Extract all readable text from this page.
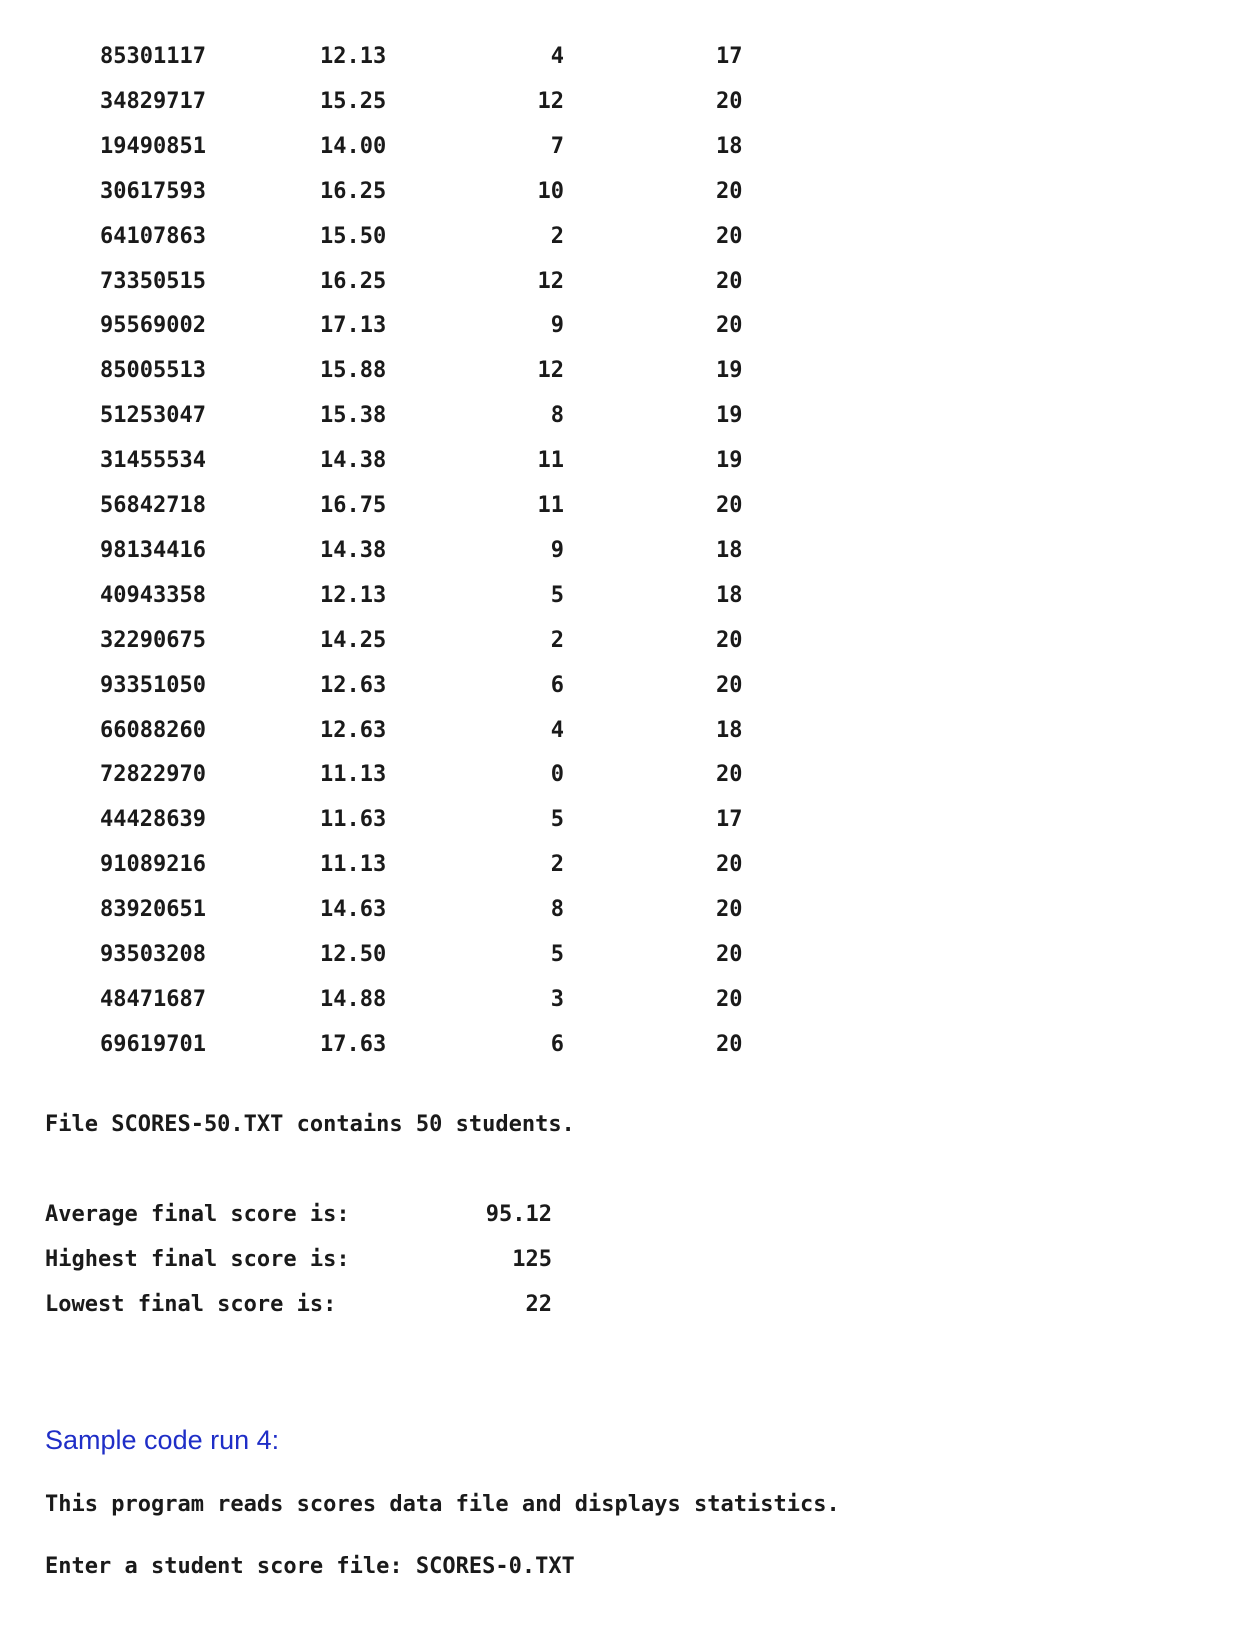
85301117	12.13	4	17
34829717	15.25	12	20
19490851	14.00	7	18
30617593	16.25	10	20
64107863	15.50	2	20
73350515	16.25	12	20
95569002	17.13	9	20
85005513	15.88	12	19
51253047	15.38	8	19
31455534	14.38	11	19
56842718	16.75	11	20
98134416	14.38	9	18
40943358	12.13	5	18
32290675	14.25	2	20
93351050	12.63	6	20
66088260	12.63	4	18
72822970	11.13	0	20
44428639	11.63	5	17
91089216	11.13	2	20
83920651	14.63	8	20
93503208	12.50	5	20
48471687	14.88	3	20
69619701	17.63	6	20
File SCORES-50.TXT contains 50 students.
Average final score is:	95.12
Highest final score is:	125
Lowest final score is:	22
Sample code run 4:
This program reads scores data file and displays statistics.
Enter a student score file: SCORES-0.TXT
